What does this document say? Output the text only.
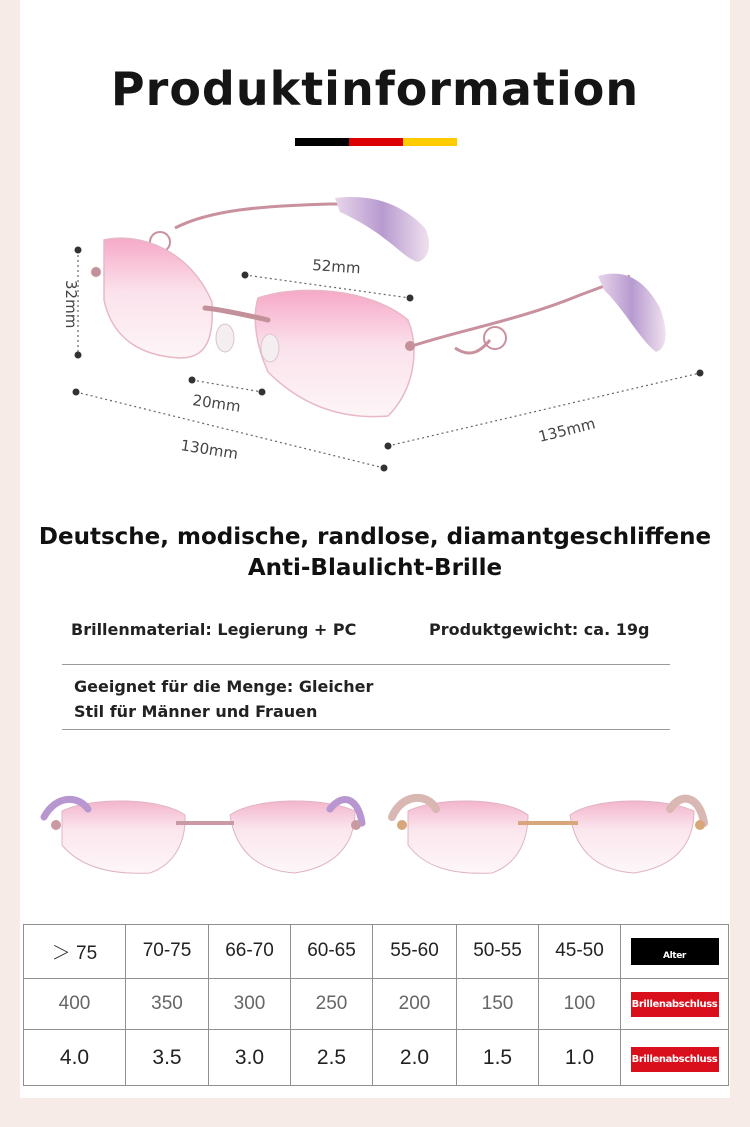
Produktinformation
52mm
32mm
20mm
130mm
135mm
Deutsche, modische, randlose, diamantgeschliffene
Anti-Blaulicht-Brille
Brillenmaterial: Legierung + PC	Produktgewicht: ca. 19g
Geeignet für die Menge: Gleicher
Stil für Männer und Frauen
＞ 75	70-75	66-70	60-65	55-60	50-55	45-50	Alter
400	350	300	250	200	150	100	Brillenabschluss
4.0	3.5	3.0	2.5	2.0	1.5	1.0	Brillenabschluss
